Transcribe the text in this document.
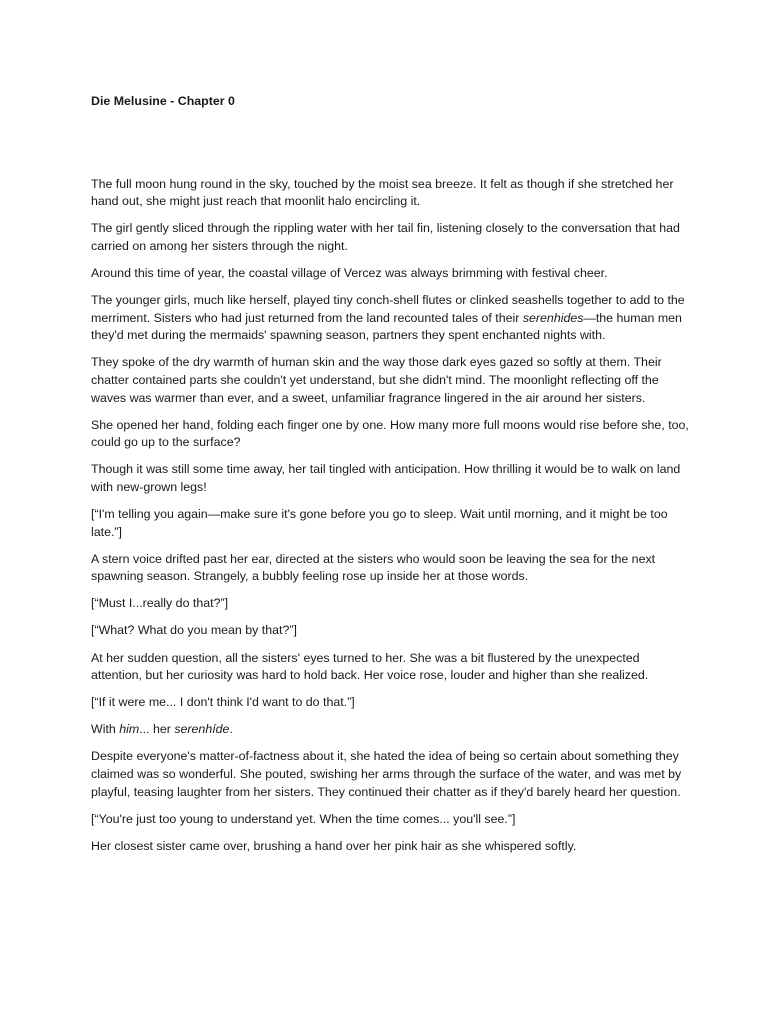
Die Melusine - Chapter 0

The full moon hung round in the sky, touched by the moist sea breeze. It felt as though if she stretched her hand out, she might just reach that moonlit halo encircling it.

The girl gently sliced through the rippling water with her tail fin, listening closely to the conversation that had carried on among her sisters through the night.

Around this time of year, the coastal village of Vercez was always brimming with festival cheer.

The younger girls, much like herself, played tiny conch-shell flutes or clinked seashells together to add to the merriment. Sisters who had just returned from the land recounted tales of their serenhides—the human men they'd met during the mermaids' spawning season, partners they spent enchanted nights with.

They spoke of the dry warmth of human skin and the way those dark eyes gazed so softly at them. Their chatter contained parts she couldn't yet understand, but she didn't mind. The moonlight reflecting off the waves was warmer than ever, and a sweet, unfamiliar fragrance lingered in the air around her sisters.

She opened her hand, folding each finger one by one. How many more full moons would rise before she, too, could go up to the surface?

Though it was still some time away, her tail tingled with anticipation. How thrilling it would be to walk on land with new-grown legs!

[“I'm telling you again—make sure it's gone before you go to sleep. Wait until morning, and it might be too late.”]

A stern voice drifted past her ear, directed at the sisters who would soon be leaving the sea for the next spawning season. Strangely, a bubbly feeling rose up inside her at those words.

[“Must I...really do that?”]

[“What? What do you mean by that?”]

At her sudden question, all the sisters' eyes turned to her. She was a bit flustered by the unexpected attention, but her curiosity was hard to hold back. Her voice rose, louder and higher than she realized.

[“If it were me... I don't think I'd want to do that.”]

With him... her serenhíde.

Despite everyone's matter-of-factness about it, she hated the idea of being so certain about something they claimed was so wonderful. She pouted, swishing her arms through the surface of the water, and was met by playful, teasing laughter from her sisters. They continued their chatter as if they'd barely heard her question.

[“You're just too young to understand yet. When the time comes... you'll see.”]

Her closest sister came over, brushing a hand over her pink hair as she whispered softly.
